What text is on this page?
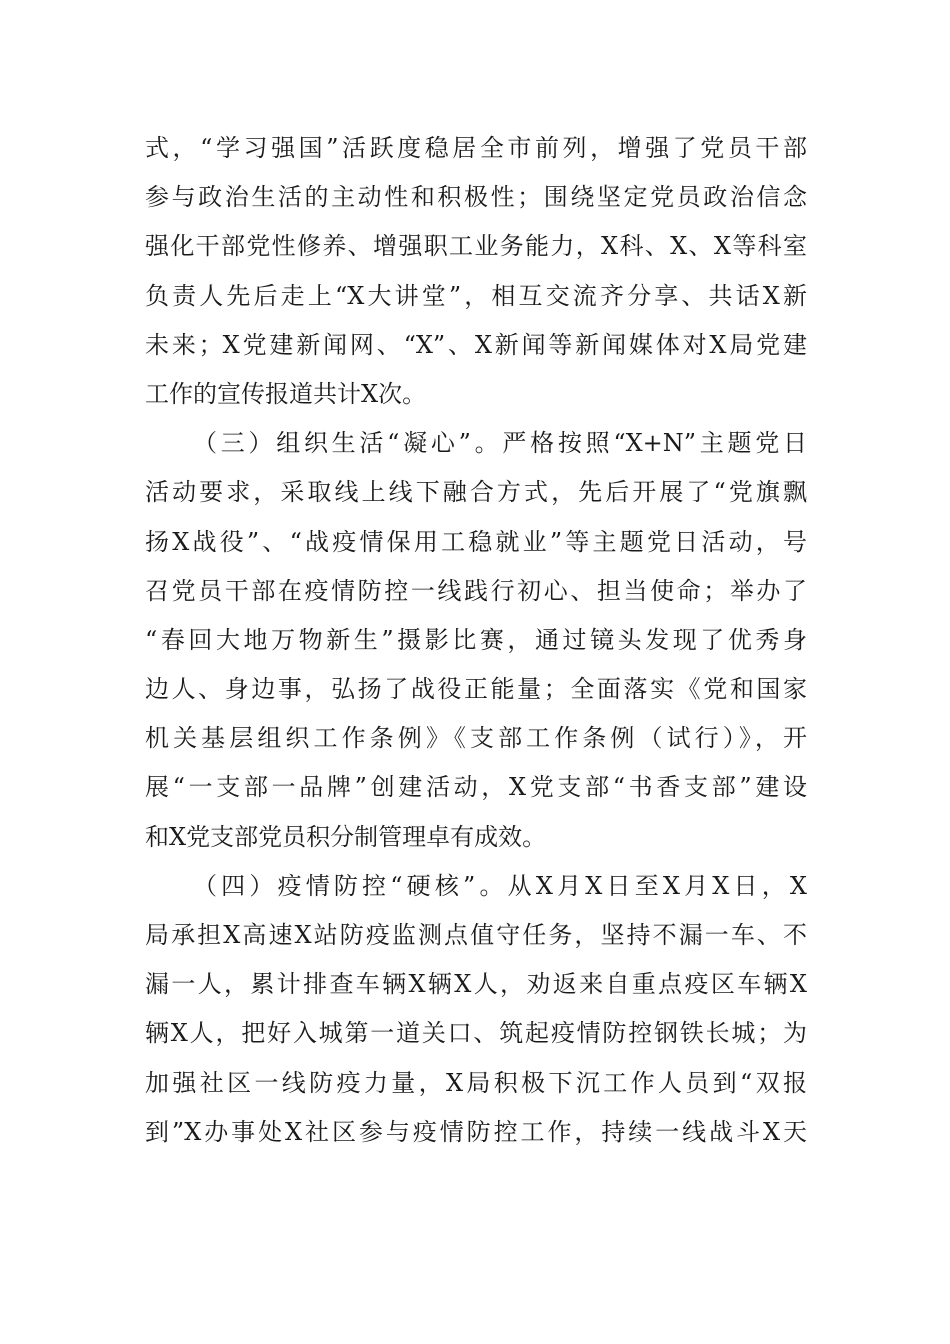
式，“学习强国”活跃度稳居全市前列，增强了党员干部
参与政治生活的主动性和积极性；围绕坚定党员政治信念
强化干部党性修养、增强职工业务能力，X科、X、X等科室
负责人先后走上“X大讲堂”，相互交流齐分享、共话X新
未来；X党建新闻网、“X”、X新闻等新闻媒体对X局党建
工作的宣传报道共计X次。
（三）组织生活“凝心”。严格按照“X+N”主题党日
活动要求，采取线上线下融合方式，先后开展了“党旗飘
扬X战役”、“战疫情保用工稳就业”等主题党日活动，号
召党员干部在疫情防控一线践行初心、担当使命；举办了
“春回大地万物新生”摄影比赛，通过镜头发现了优秀身
边人、身边事，弘扬了战役正能量；全面落实《党和国家
机关基层组织工作条例》《支部工作条例（试行）》，开
展“一支部一品牌”创建活动，X党支部“书香支部”建设
和X党支部党员积分制管理卓有成效。
（四）疫情防控“硬核”。从X月X日至X月X日，X
局承担X高速X站防疫监测点值守任务，坚持不漏一车、不
漏一人，累计排查车辆X辆X人，劝返来自重点疫区车辆X
辆X人，把好入城第一道关口、筑起疫情防控钢铁长城；为
加强社区一线防疫力量，X局积极下沉工作人员到“双报
到”X办事处X社区参与疫情防控工作，持续一线战斗X天
